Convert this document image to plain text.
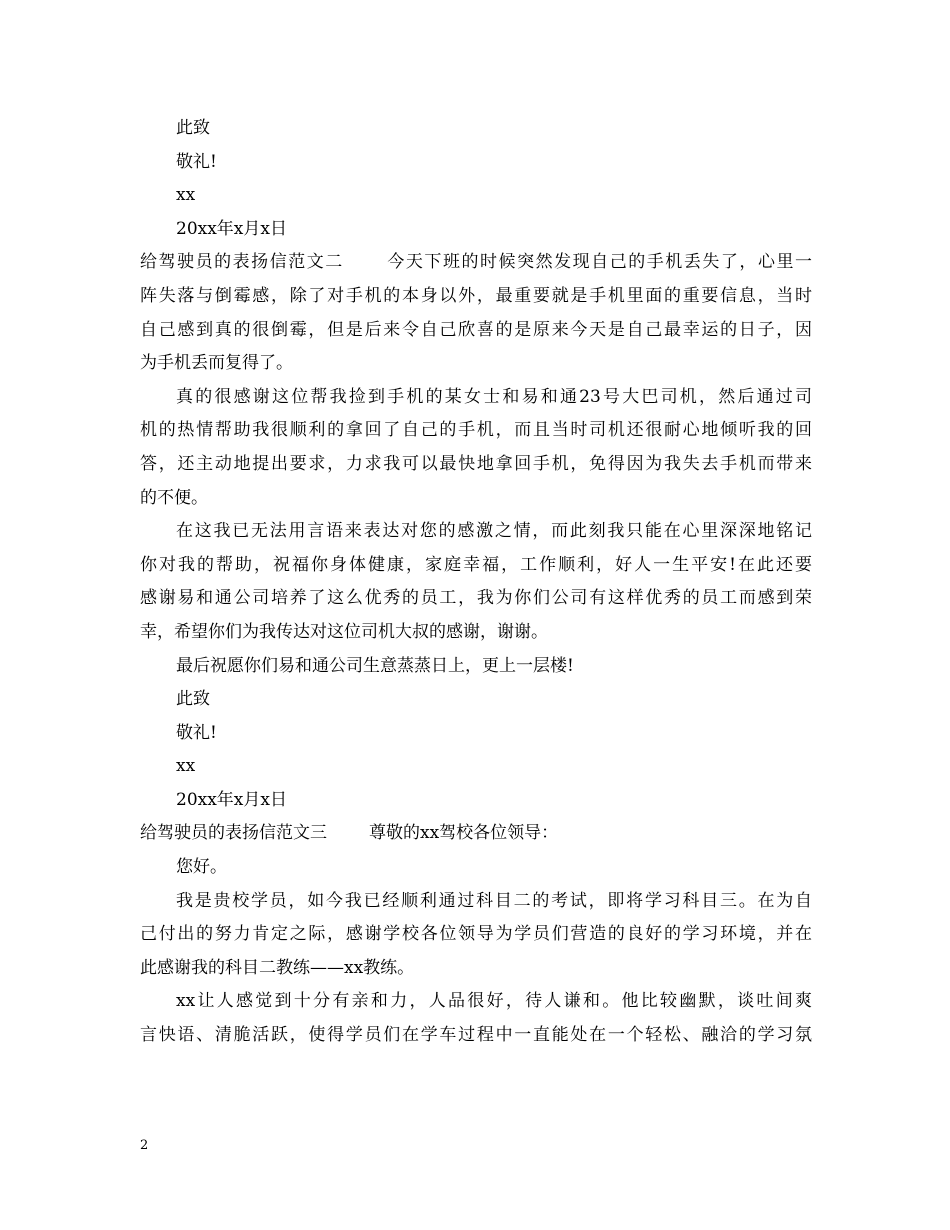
此致
敬礼!
xx
20xx年x月x日
给驾驶员的表扬信范文二 今天下班的时候突然发现自己的手机丢失了，心里一
阵失落与倒霉感，除了对手机的本身以外，最重要就是手机里面的重要信息，当时
自己感到真的很倒霉，但是后来令自己欣喜的是原来今天是自己最幸运的日子，因
为手机丢而复得了。
真的很感谢这位帮我捡到手机的某女士和易和通23号大巴司机，然后通过司
机的热情帮助我很顺利的拿回了自己的手机，而且当时司机还很耐心地倾听我的回
答，还主动地提出要求，力求我可以最快地拿回手机，免得因为我失去手机而带来
的不便。
在这我已无法用言语来表达对您的感激之情，而此刻我只能在心里深深地铭记
你对我的帮助，祝福你身体健康，家庭幸福，工作顺利，好人一生平安!在此还要
感谢易和通公司培养了这么优秀的员工，我为你们公司有这样优秀的员工而感到荣
幸，希望你们为我传达对这位司机大叔的感谢，谢谢。
最后祝愿你们易和通公司生意蒸蒸日上，更上一层楼!
此致
敬礼!
xx
20xx年x月x日
给驾驶员的表扬信范文三 尊敬的xx驾校各位领导：
您好。
我是贵校学员，如今我已经顺利通过科目二的考试，即将学习科目三。在为自
己付出的努力肯定之际，感谢学校各位领导为学员们营造的良好的学习环境，并在
此感谢我的科目二教练——xx教练。
xx让人感觉到十分有亲和力，人品很好，待人谦和。他比较幽默，谈吐间爽
言快语、清脆活跃，使得学员们在学车过程中一直能处在一个轻松、融洽的学习氛
2
